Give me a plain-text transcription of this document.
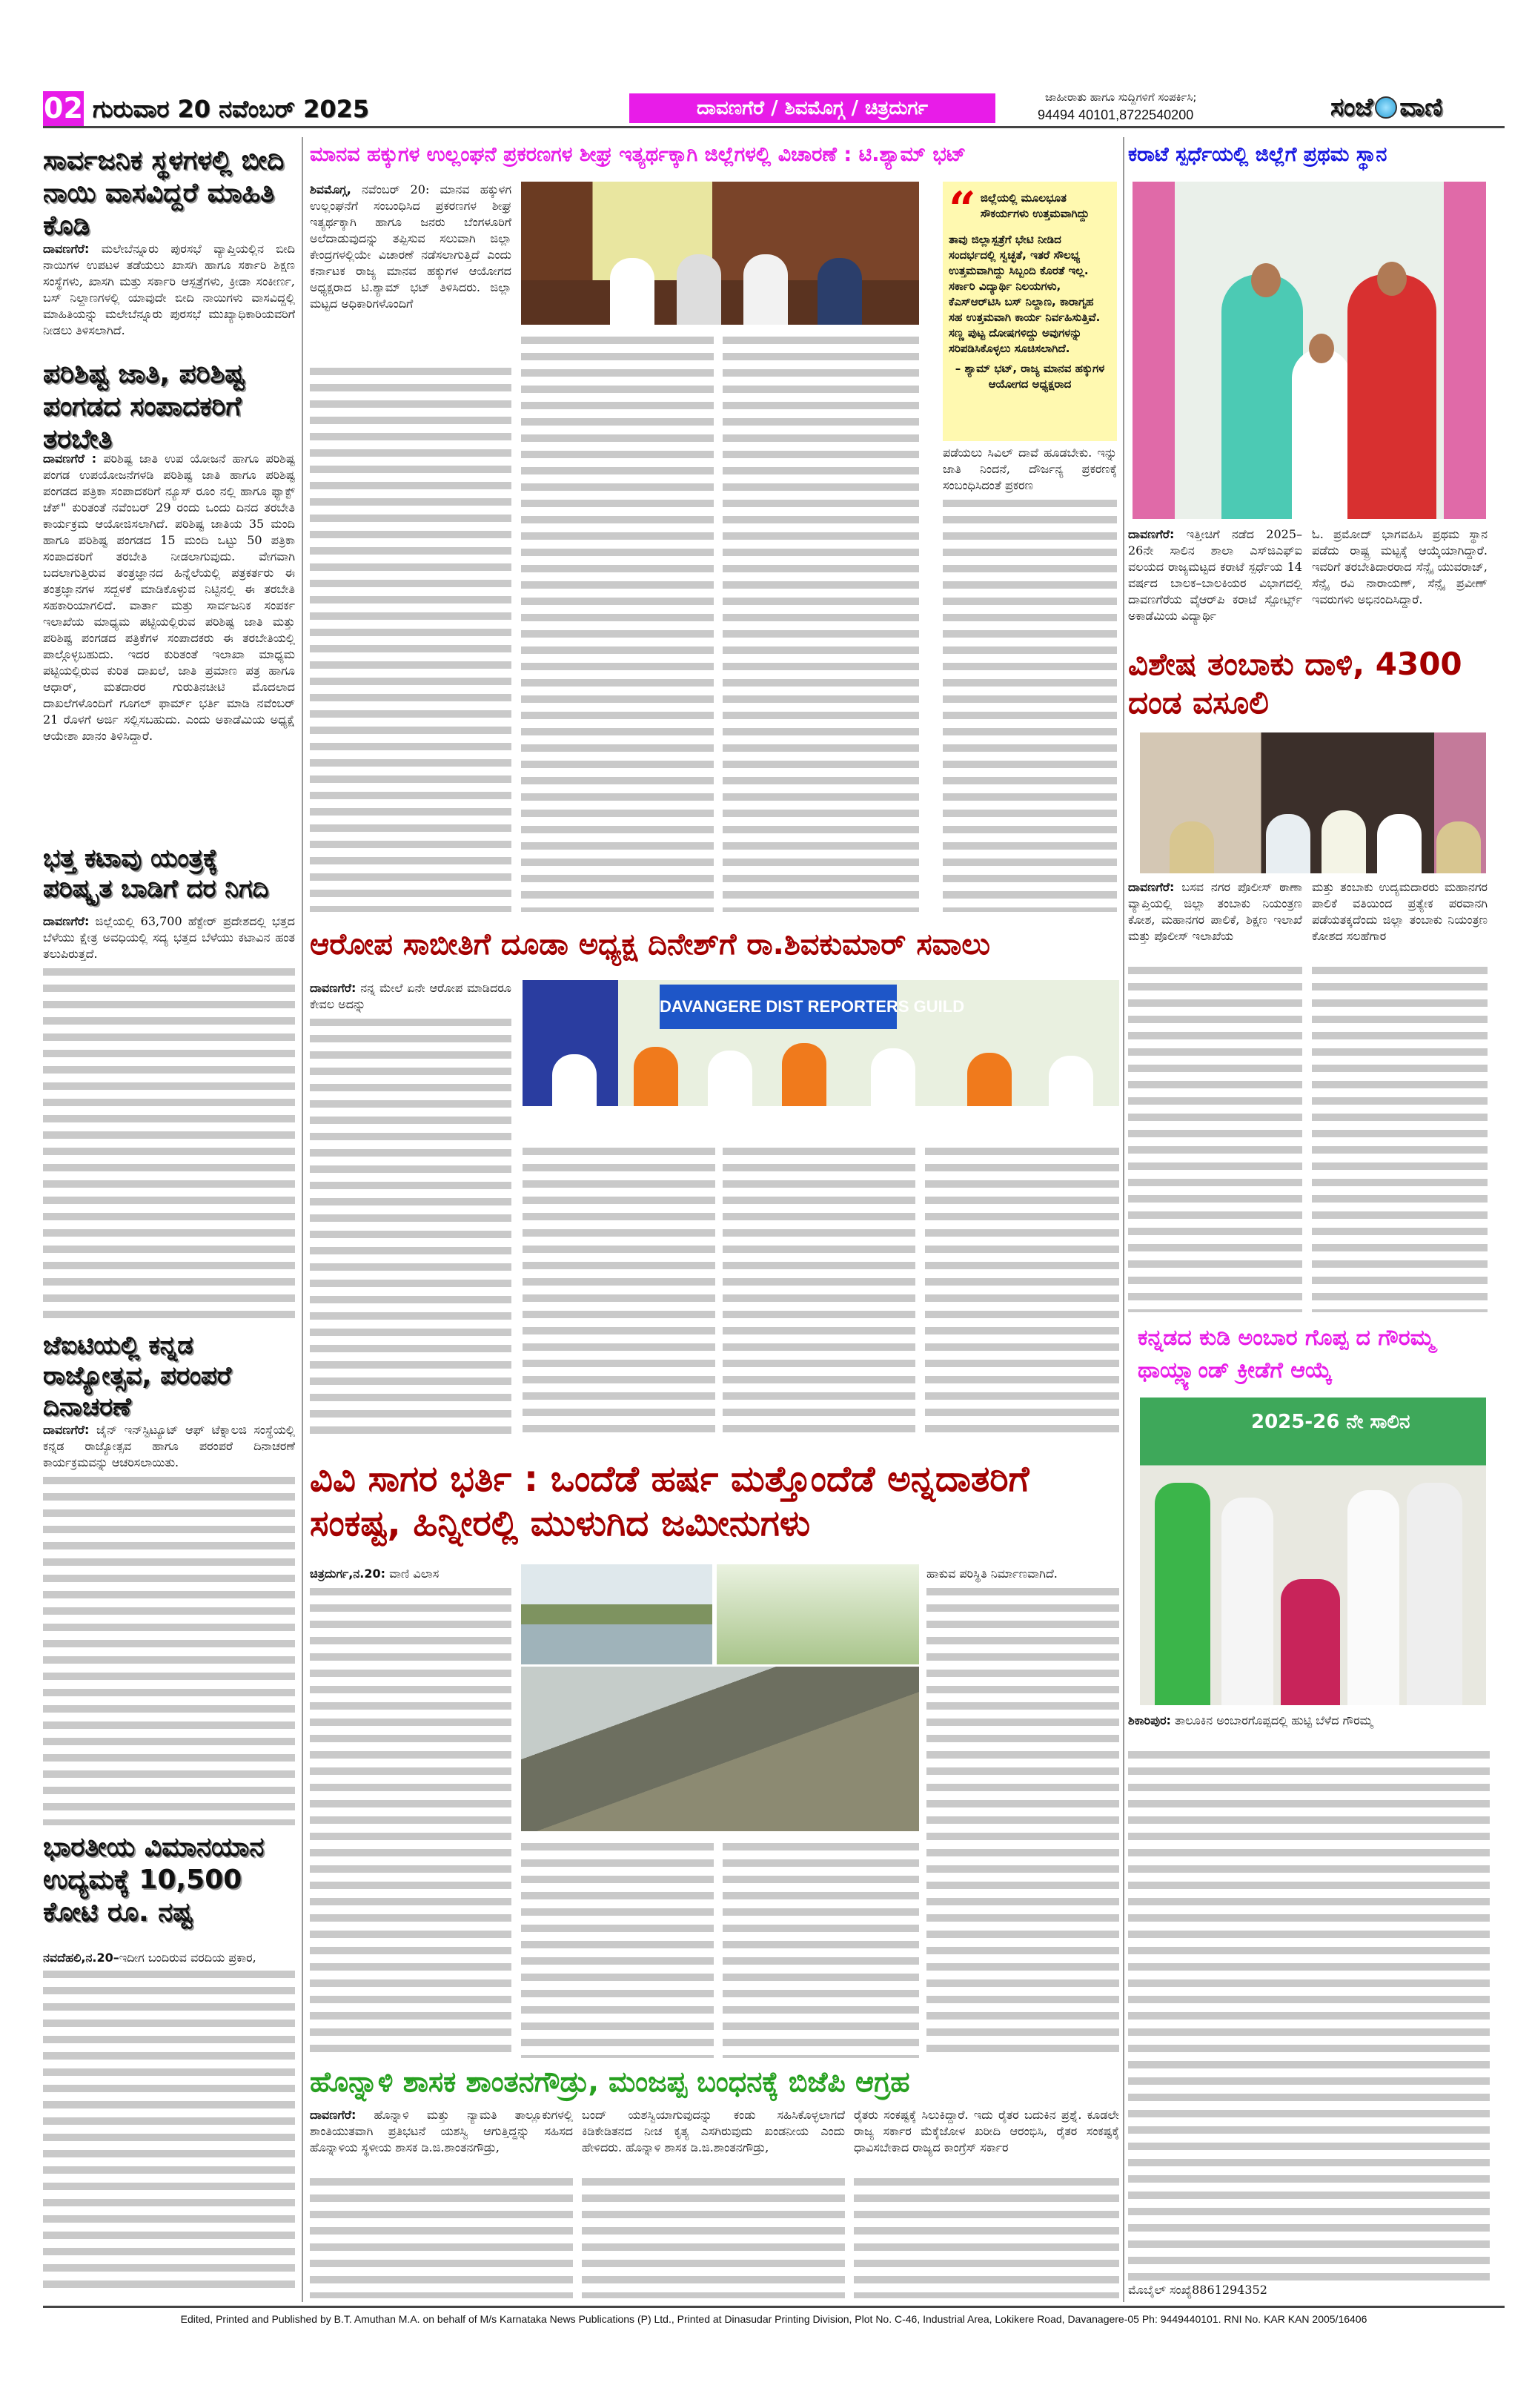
02 ಗುರುವಾರ 20 ನವೆಂಬರ್ 2025	ದಾವಣಗೆರೆ / ಶಿವಮೊಗ್ಗ / ಚಿತ್ರದುರ್ಗ	ಜಾಹೀರಾತು ಹಾಗೂ ಸುದ್ದಿಗಳಿಗೆ ಸಂಪರ್ಕಿಸಿ;
94494 40101,8722540200	ಸಂಜೆ ವಾಣಿ
ಸಾರ್ವಜನಿಕ ಸ್ಥಳಗಳಲ್ಲಿ ಬೀದಿ ನಾಯಿ ವಾಸವಿದ್ದರೆ ಮಾಹಿತಿ ಕೊಡಿ
ದಾವಣಗೆರೆ: ಮಲೇಬೆನ್ನೂರು ಪುರಸಭೆ ವ್ಯಾಪ್ತಿಯಲ್ಲಿನ ಬೀದಿ ನಾಯಿಗಳ ಉಪಟಳ ತಡೆಯಲು ಖಾಸಗಿ ಹಾಗೂ ಸರ್ಕಾರಿ ಶಿಕ್ಷಣ ಸಂಸ್ಥೆಗಳು, ಖಾಸಗಿ ಮತ್ತು ಸರ್ಕಾರಿ ಆಸ್ಪತ್ರೆಗಳು, ಕ್ರೀಡಾ ಸಂಕೀರ್ಣ, ಬಸ್ ನಿಲ್ದಾಣಗಳಲ್ಲಿ ಯಾವುದೇ ಬೀದಿ ನಾಯಿಗಳು ವಾಸವಿದ್ದಲ್ಲಿ ಮಾಹಿತಿಯನ್ನು ಮಲೇಬೆನ್ನೂರು ಪುರಸಭೆ ಮುಖ್ಯಾಧಿಕಾರಿಯವರಿಗೆ ನೀಡಲು ತಿಳಿಸಲಾಗಿದೆ.
ಪರಿಶಿಷ್ಟ ಜಾತಿ, ಪರಿಶಿಷ್ಟ ಪಂಗಡದ ಸಂಪಾದಕರಿಗೆ ತರಬೇತಿ
ದಾವಣಗೆರೆ : ಪರಿಶಿಷ್ಟ ಜಾತಿ ಉಪ ಯೋಜನೆ ಹಾಗೂ ಪರಿಶಿಷ್ಟ ಪಂಗಡ ಉಪಯೋಜನೆಗಳಡಿ ಪರಿಶಿಷ್ಟ ಜಾತಿ ಹಾಗೂ ಪರಿಶಿಷ್ಟ ಪಂಗಡದ ಪತ್ರಿಕಾ ಸಂಪಾದಕರಿಗೆ ನ್ಯೂಸ್ ರೂಂ ನಲ್ಲಿ ಹಾಗೂ ಫ್ಯಾಕ್ಟ್ ಚೆಕ್" ಕುರಿತಂತೆ ನವೆಂಬರ್ 29 ರಂದು ಒಂದು ದಿನದ ತರಬೇತಿ ಕಾರ್ಯಕ್ರಮ ಆಯೋಜಿಸಲಾಗಿದೆ. ಪರಿಶಿಷ್ಟ ಜಾತಿಯ 35 ಮಂದಿ ಹಾಗೂ ಪರಿಶಿಷ್ಟ ಪಂಗಡದ 15 ಮಂದಿ ಒಟ್ಟು 50 ಪತ್ರಿಕಾ ಸಂಪಾದಕರಿಗೆ ತರಬೇತಿ ನೀಡಲಾಗುವುದು. ವೇಗವಾಗಿ ಬದಲಾಗುತ್ತಿರುವ ತಂತ್ರಜ್ಞಾನದ ಹಿನ್ನೆಲೆಯಲ್ಲಿ ಪತ್ರಕರ್ತರು ಈ ತಂತ್ರಜ್ಞಾನಗಳ ಸದ್ಬಳಕೆ ಮಾಡಿಕೊಳ್ಳುವ ನಿಟ್ಟಿನಲ್ಲಿ ಈ ತರಬೇತಿ ಸಹಕಾರಿಯಾಗಲಿದೆ. ವಾರ್ತಾ ಮತ್ತು ಸಾರ್ವಜನಿಕ ಸಂಪರ್ಕ ಇಲಾಖೆಯ ಮಾಧ್ಯಮ ಪಟ್ಟಿಯಲ್ಲಿರುವ ಪರಿಶಿಷ್ಟ ಜಾತಿ ಮತ್ತು ಪರಿಶಿಷ್ಟ ಪಂಗಡದ ಪತ್ರಿಕೆಗಳ ಸಂಪಾದಕರು ಈ ತರಬೇತಿಯಲ್ಲಿ ಪಾಲ್ಗೊಳ್ಳಬಹುದು. ಇದರ ಕುರಿತಂತೆ ಇಲಾಖಾ ಮಾಧ್ಯಮ ಪಟ್ಟಿಯಲ್ಲಿರುವ ಕುರಿತ ದಾಖಲೆ, ಜಾತಿ ಪ್ರಮಾಣ ಪತ್ರ ಹಾಗೂ ಆಧಾರ್, ಮತದಾರರ ಗುರುತಿನಚೀಟಿ ಮೊದಲಾದ ದಾಖಲೆಗಳೊಂದಿಗೆ ಗೂಗಲ್ ಫಾರ್ಮ್ ಭರ್ತಿ ಮಾಡಿ ನವೆಂಬರ್ 21 ರೊಳಗೆ ಅರ್ಜಿ ಸಲ್ಲಿಸಬಹುದು. ಎಂದು ಅಕಾಡೆಮಿಯ ಅಧ್ಯಕ್ಷೆ ಆಯೇಶಾ ಖಾನಂ ತಿಳಿಸಿದ್ದಾರೆ.
ಭತ್ತ ಕಟಾವು ಯಂತ್ರಕ್ಕೆ ಪರಿಷ್ಕೃತ ಬಾಡಿಗೆ ದರ ನಿಗದಿ
ದಾವಣಗೆರೆ: ಜಿಲ್ಲೆಯಲ್ಲಿ 63,700 ಹೆಕ್ಟೇರ್ ಪ್ರದೇಶದಲ್ಲಿ ಭತ್ತದ ಬೆಳೆಯು ಕ್ಷೇತ್ರ ಅವಧಿಯಲ್ಲಿ ಸದ್ಯ ಭತ್ತದ ಬೆಳೆಯು ಕಟಾವಿನ ಹಂತ ತಲುಪಿರುತ್ತದೆ.
ಜೆಐಟಿಯಲ್ಲಿ ಕನ್ನಡ ರಾಜ್ಯೋತ್ಸವ, ಪರಂಪರೆ ದಿನಾಚರಣೆ
ದಾವಣಗೆರೆ: ಜೈನ್ ಇನ್‌ಸ್ಟಿಟ್ಯೂಟ್ ಆಫ್ ಟೆಕ್ನಾಲಜಿ ಸಂಸ್ಥೆಯಲ್ಲಿ ಕನ್ನಡ ರಾಜ್ಯೋತ್ಸವ ಹಾಗೂ ಪರಂಪರೆ ದಿನಾಚರಣೆ ಕಾರ್ಯಕ್ರಮವನ್ನು ಆಚರಿಸಲಾಯಿತು.
ಭಾರತೀಯ ವಿಮಾನಯಾನ ಉದ್ಯಮಕ್ಕೆ 10,500 ಕೋಟಿ ರೂ. ನಷ್ಟ
ನವದೆಹಲಿ,ನ.20–ಇದೀಗ ಬಂದಿರುವ ವರದಿಯ ಪ್ರಕಾರ,
ಮಾನವ ಹಕ್ಕುಗಳ ಉಲ್ಲಂಘನೆ ಪ್ರಕರಣಗಳ ಶೀಘ್ರ ಇತ್ಯರ್ಥಕ್ಕಾಗಿ ಜಿಲ್ಲೆಗಳಲ್ಲಿ ವಿಚಾರಣೆ : ಟಿ.ಶ್ಯಾಮ್ ಭಟ್
ಶಿವಮೊಗ್ಗ, ನವೆಂಬರ್ 20: ಮಾನವ ಹಕ್ಕುಳಗ ಉಲ್ಲಂಘನೆಗೆ ಸಂಬಂಧಿಸಿದ ಪ್ರಕರಣಗಳ ಶೀಘ್ರ ಇತ್ಯರ್ಥಕ್ಕಾಗಿ ಹಾಗೂ ಜನರು ಬೆಂಗಳೂರಿಗೆ ಅಲೆದಾಡುವುದನ್ನು ತಪ್ಪಿಸುವ ಸಲುವಾಗಿ ಜಿಲ್ಲಾ ಕೇಂದ್ರಗಳಲ್ಲಿಯೇ ವಿಚಾರಣೆ ನಡೆಸಲಾಗುತ್ತಿದೆ ಎಂದು ಕರ್ನಾಟಕ ರಾಜ್ಯ ಮಾನವ ಹಕ್ಕುಗಳ ಆಯೋಗದ ಅಧ್ಯಕ್ಷರಾದ ಟಿ.ಶ್ಯಾಮ್ ಭಟ್ ತಿಳಿಸಿದರು. ಜಿಲ್ಲಾ ಮಟ್ಟದ ಅಧಿಕಾರಿಗಳೊಂದಿಗೆ
“ ಜಿಲ್ಲೆಯಲ್ಲಿ ಮೂಲಭೂತ ಸೌಕರ್ಯಗಳು ಉತ್ತಮವಾಗಿದ್ದು
ತಾವು ಜಿಲ್ಲಾಸ್ಪತ್ರೆಗೆ ಭೇಟಿ ನೀಡಿದ ಸಂದರ್ಭದಲ್ಲಿ ಸ್ವಚ್ಛತೆ, ಇತರೆ ಸೌಲಭ್ಯ ಉತ್ತಮವಾಗಿದ್ದು ಸಿಬ್ಬಂದಿ ಕೊರತೆ ಇಲ್ಲ. ಸರ್ಕಾರಿ ವಿದ್ಯಾರ್ಥಿ ನಿಲಯಗಳು, ಕೆಎಸ್‌ಆರ್‌ಟಿಸಿ ಬಸ್ ನಿಲ್ದಾಣ, ಕಾರಾಗೃಹ ಸಹ ಉತ್ತಮವಾಗಿ ಕಾರ್ಯ ನಿರ್ವಹಿಸುತ್ತಿವೆ. ಸಣ್ಣ ಪುಟ್ಟ ದೋಷಗಳಿದ್ದು ಅವುಗಳನ್ನು ಸರಿಪಡಿಸಿಕೊಳ್ಳಲು ಸೂಚಿಸಲಾಗಿದೆ.
– ಶ್ಯಾಮ್ ಭಟ್, ರಾಜ್ಯ ಮಾನವ ಹಕ್ಕುಗಳ ಆಯೋಗದ ಅಧ್ಯಕ್ಷರಾದ
ಪಡೆಯಲು ಸಿವಿಲ್ ದಾವೆ ಹೂಡಬೇಕು. ಇನ್ನು ಜಾತಿ ನಿಂದನೆ, ದೌರ್ಜನ್ಯ ಪ್ರಕರಣಕ್ಕೆ ಸಂಬಂಧಿಸಿದಂತೆ ಪ್ರಕರಣ
ಆರೋಪ ಸಾಬೀತಿಗೆ ದೂಡಾ ಅಧ್ಯಕ್ಷ ದಿನೇಶ್‌ಗೆ ರಾ.ಶಿವಕುಮಾರ್ ಸವಾಲು
ದಾವಣಗೆರೆ: ನನ್ನ ಮೇಲೆ ಏನೇ ಆರೋಪ ಮಾಡಿದರೂ ಕೇವಲ ಅದನ್ನು	DAVANGERE DIST REPORTERS GUILD
ವಿವಿ ಸಾಗರ ಭರ್ತಿ : ಒಂದೆಡೆ ಹರ್ಷ ಮತ್ತೊಂದೆಡೆ ಅನ್ನದಾತರಿಗೆ ಸಂಕಷ್ಟ, ಹಿನ್ನೀರಲ್ಲಿ ಮುಳುಗಿದ ಜಮೀನುಗಳು
ಚಿತ್ರದುರ್ಗ,ನ.20: ವಾಣಿ ವಿಲಾಸ	ಹಾಕುವ ಪರಿಸ್ಥಿತಿ ನಿರ್ಮಾಣವಾಗಿದೆ.
ಹೊನ್ನಾಳಿ ಶಾಸಕ ಶಾಂತನಗೌಡ್ರು, ಮಂಜಪ್ಪ ಬಂಧನಕ್ಕೆ ಬಿಜೆಪಿ ಆಗ್ರಹ
ದಾವಣಗೆರೆ: ಹೊನ್ನಾಳಿ ಮತ್ತು ನ್ಯಾಮತಿ ತಾಲ್ಲೂಕುಗಳಲ್ಲಿ ಶಾಂತಿಯುತವಾಗಿ ಪ್ರತಿಭಟನೆ ಯಶಸ್ವಿ ಆಗುತ್ತಿದ್ದನ್ನು ಸಹಿಸದ ಹೊನ್ನಾಳಿಯ ಸ್ಥಳೀಯ ಶಾಸಕ ಡಿ.ಜಿ.ಶಾಂತನಗೌಡ್ರು,
ಬಂದ್ ಯಶಸ್ವಿಯಾಗುವುದನ್ನು ಕಂಡು ಸಹಿಸಿಕೊಳ್ಳಲಾಗದೆ ಕಿಡಿಕೇಡಿತನದ ನೀಚ ಕೃತ್ಯ ಎಸಗಿರುವುದು ಖಂಡನೀಯ ಎಂದು ಹೇಳಿದರು. ಹೊನ್ನಾಳಿ ಶಾಸಕ ಡಿ.ಜಿ.ಶಾಂತನಗೌಡ್ರು,
ರೈತರು ಸಂಕಷ್ಟಕ್ಕೆ ಸಿಲುಕಿದ್ದಾರೆ. ಇದು ರೈತರ ಬದುಕಿನ ಪ್ರಶ್ನೆ. ಕೂಡಲೇ ರಾಜ್ಯ ಸರ್ಕಾರ ಮೆಕ್ಕೆಜೋಳ ಖರೀದಿ ಆರಂಭಿಸಿ, ರೈತರ ಸಂಕಷ್ಟಕ್ಕೆ ಧಾವಿಸಬೇಕಾದ ರಾಜ್ಯದ ಕಾಂಗ್ರೆಸ್ ಸರ್ಕಾರ
ಕರಾಟೆ ಸ್ಪರ್ಧೆಯಲ್ಲಿ ಜಿಲ್ಲೆಗೆ ಪ್ರಥಮ ಸ್ಥಾನ
ದಾವಣಗೆರೆ: ಇತ್ತೀಚಿಗೆ ನಡೆದ 2025–26ನೇ ಸಾಲಿನ ಶಾಲಾ ಎಸ್‌ಜಿಎಫ್‌ಐ ವಲಯದ ರಾಜ್ಯಮಟ್ಟದ ಕರಾಟೆ ಸ್ಪರ್ಧೆಯ 14 ವರ್ಷದ ಬಾಲಕ–ಬಾಲಕಿಯರ ವಿಭಾಗದಲ್ಲಿ ದಾವಣಗೆರೆಯ ವೈಆರ್‌ಪಿ ಕರಾಟೆ ಸ್ಪೋರ್ಟ್ಸ್ ಅಕಾಡೆಮಿಯ ವಿದ್ಯಾರ್ಥಿ
ಓ. ಪ್ರಮೋದ್ ಭಾಗವಹಿಸಿ ಪ್ರಥಮ ಸ್ಥಾನ ಪಡೆದು ರಾಷ್ಟ್ರ ಮಟ್ಟಕ್ಕೆ ಆಯ್ಕೆಯಾಗಿದ್ದಾರೆ. ಇವರಿಗೆ ತರಬೇತಿದಾರರಾದ ಸೆನ್ಸೈ ಯುವರಾಜ್, ಸೆನ್ಸೈ ರವಿ ನಾರಾಯಣ್, ಸೆನ್ಸೈ ಪ್ರವೀಣ್ ಇವರುಗಳು ಅಭಿನಂದಿಸಿದ್ದಾರೆ.
ವಿಶೇಷ ತಂಬಾಕು ದಾಳಿ, 4300 ದಂಡ ವಸೂಲಿ
ದಾವಣಗೆರೆ: ಬಸವ ನಗರ ಪೊಲೀಸ್ ಠಾಣಾ ವ್ಯಾಪ್ತಿಯಲ್ಲಿ ಜಿಲ್ಲಾ ತಂಬಾಕು ನಿಯಂತ್ರಣ ಕೋಶ, ಮಹಾನಗರ ಪಾಲಿಕೆ, ಶಿಕ್ಷಣ ಇಲಾಖೆ ಮತ್ತು ಪೊಲೀಸ್ ಇಲಾಖೆಯ
ಮತ್ತು ತಂಬಾಕು ಉದ್ಯಮದಾರರು ಮಹಾನಗರ ಪಾಲಿಕೆ ವತಿಯಿಂದ ಪ್ರತ್ಯೇಕ ಪರವಾನಗಿ ಪಡೆಯತಕ್ಕದೆಂದು ಜಿಲ್ಲಾ ತಂಬಾಕು ನಿಯಂತ್ರಣ ಕೋಶದ ಸಲಹೆಗಾರ
ಕನ್ನಡದ ಕುಡಿ ಅಂಬಾರ ಗೊಪ್ಪ ದ ಗೌರಮ್ಮ ಥಾಯ್ಲ್ಯಾಂಡ್ ಕ್ರೀಡೆಗೆ ಆಯ್ಕೆ
2025-26 ನೇ ಸಾಲಿನ
ಶಿಕಾರಿಪುರ: ತಾಲೂಕಿನ ಅಂಬಾರಗೊಪ್ಪದಲ್ಲಿ ಹುಟ್ಟಿ ಬೆಳೆದ ಗೌರಮ್ಮ
ಮೊಬೈಲ್ ಸಂಖ್ಯೆ8861294352
Edited, Printed and Published by B.T. Amuthan M.A. on behalf of M/s Karnataka News Publications (P) Ltd., Printed at Dinasudar Printing Division, Plot No. C-46, Industrial Area, Lokikere Road, Davanagere-05 Ph: 9449440101. RNI No. KAR KAN 2005/16406
